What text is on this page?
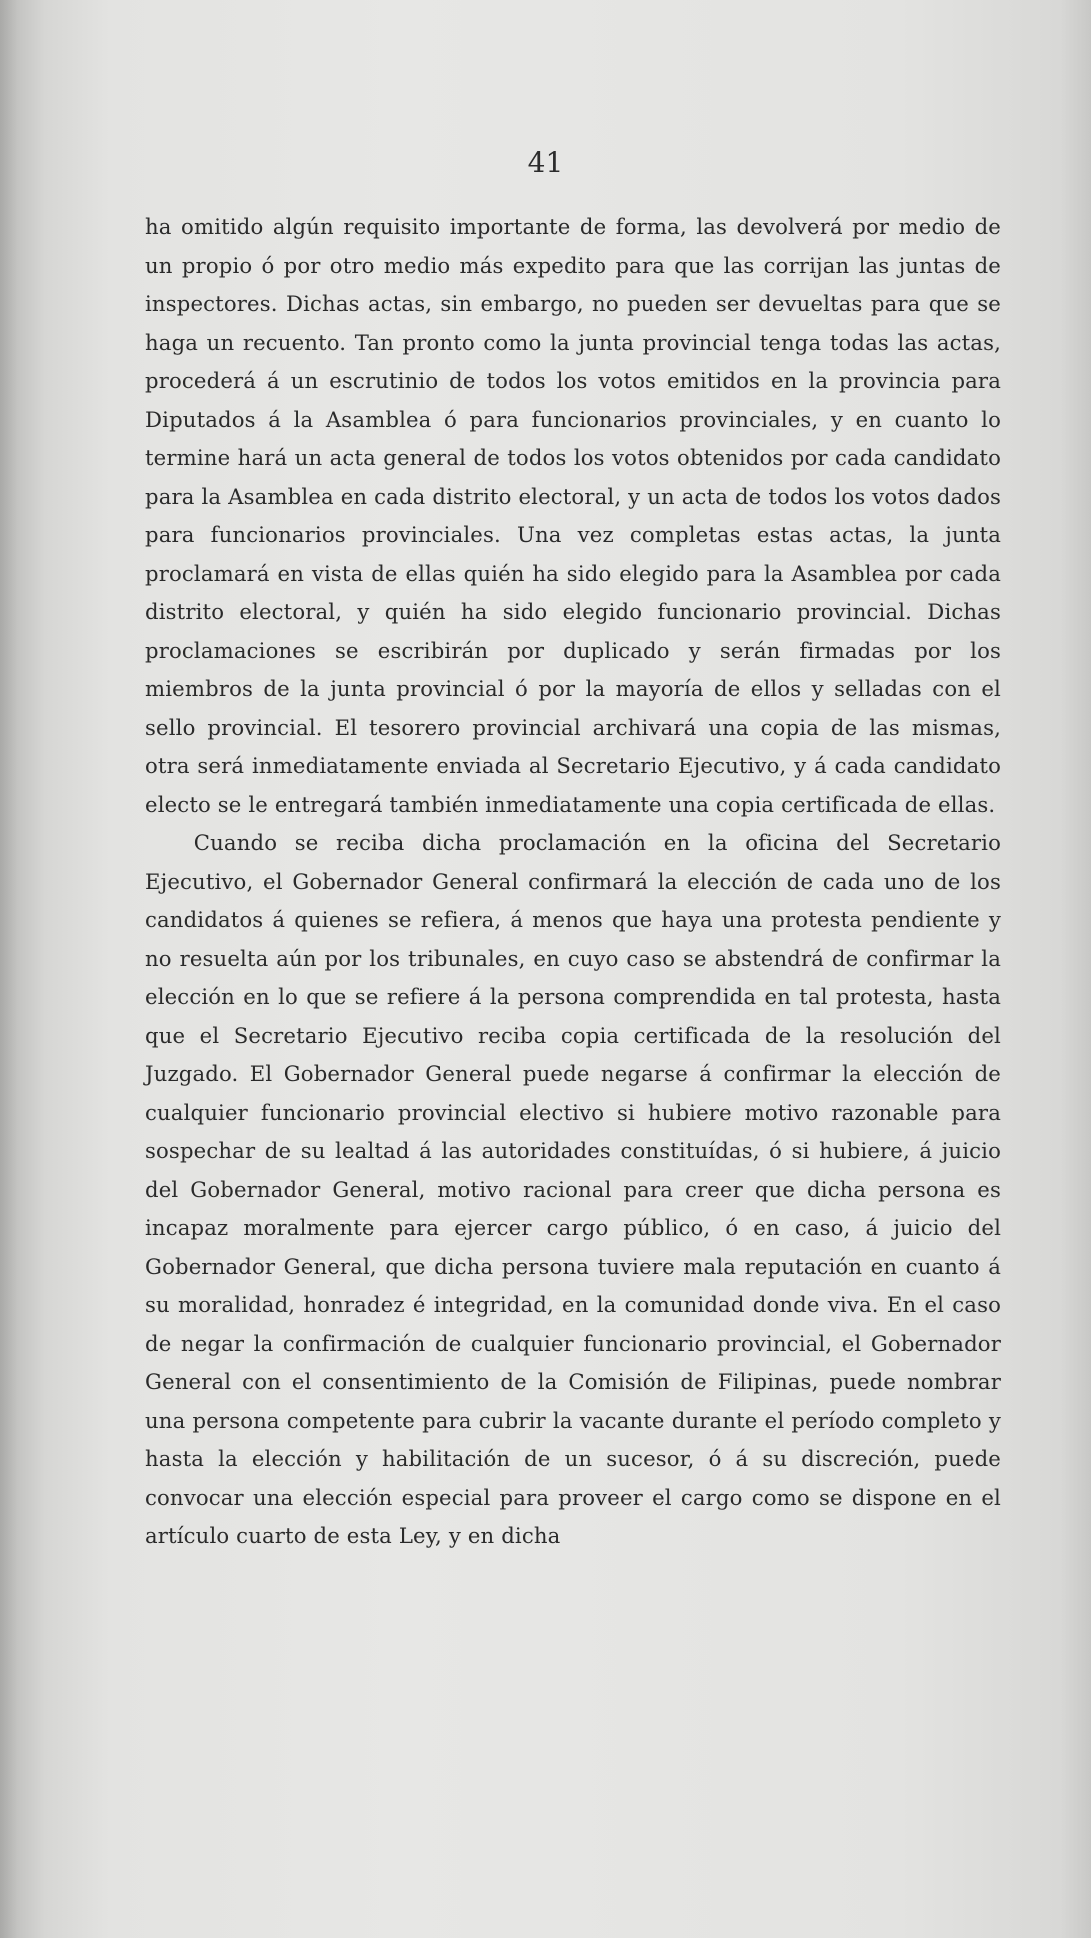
41

ha omitido algún requisito importante de forma, las devolverá por medio de un propio ó por otro medio más expedito para que las corrijan las juntas de inspectores. Dichas actas, sin embargo, no pueden ser devueltas para que se haga un recuento. Tan pronto como la junta provincial tenga todas las actas, procederá á un escrutinio de todos los votos emitidos en la provincia para Diputados á la Asamblea ó para funcionarios provinciales, y en cuanto lo termine hará un acta general de todos los votos obtenidos por cada candidato para la Asamblea en cada distrito electoral, y un acta de todos los votos dados para funcionarios provinciales. Una vez completas estas actas, la junta proclamará en vista de ellas quién ha sido elegido para la Asamblea por cada distrito electoral, y quién ha sido elegido funcionario provincial. Dichas proclamaciones se escribirán por duplicado y serán firmadas por los miembros de la junta provincial ó por la mayoría de ellos y selladas con el sello provincial. El tesorero provincial archivará una copia de las mismas, otra será inmediatamente enviada al Secretario Ejecutivo, y á cada candidato electo se le entregará también inmediatamente una copia certificada de ellas.

Cuando se reciba dicha proclamación en la oficina del Secretario Ejecutivo, el Gobernador General confirmará la elección de cada uno de los candidatos á quienes se refiera, á menos que haya una protesta pendiente y no resuelta aún por los tribunales, en cuyo caso se abstendrá de confirmar la elección en lo que se refiere á la persona comprendida en tal protesta, hasta que el Secretario Ejecutivo reciba copia certificada de la resolución del Juzgado. El Gobernador General puede negarse á confirmar la elección de cualquier funcionario provincial electivo si hubiere motivo razonable para sospechar de su lealtad á las autoridades constituídas, ó si hubiere, á juicio del Gobernador General, motivo racional para creer que dicha persona es incapaz moralmente para ejercer cargo público, ó en caso, á juicio del Gobernador General, que dicha persona tuviere mala reputación en cuanto á su moralidad, honradez é integridad, en la comunidad donde viva. En el caso de negar la confirmación de cualquier funcionario provincial, el Gobernador General con el consentimiento de la Comisión de Filipinas, puede nombrar una persona competente para cubrir la vacante durante el período completo y hasta la elección y habilitación de un sucesor, ó á su discreción, puede convocar una elección especial para proveer el cargo como se dispone en el artículo cuarto de esta Ley, y en dicha
